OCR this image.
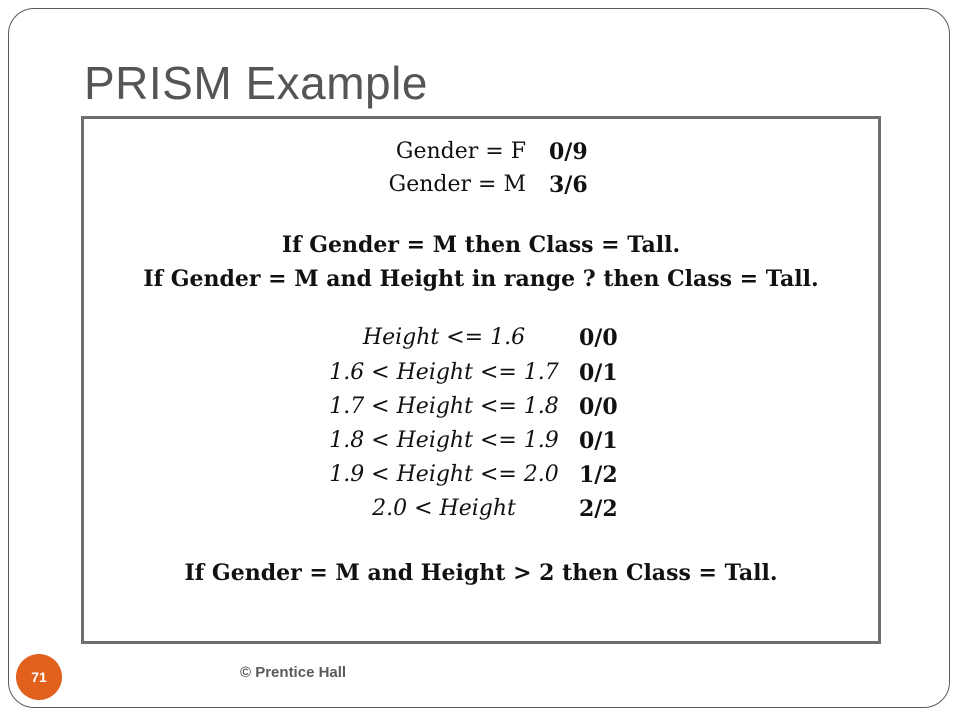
PRISM Example
Gender = F 0/9
Gender = M 3/6
If Gender = M then Class = Tall.
If Gender = M and Height in range ? then Class = Tall.
Height <= 1.6	0/0
1.6 < Height <= 1.7 0/1
1.7 < Height <= 1.8 0/0
1.8 < Height <= 1.9 0/1
1.9 < Height <= 2.0 1/2
2.0 < Height	2/2
If Gender = M and Height > 2 then Class = Tall.
71	© Prentice Hall
